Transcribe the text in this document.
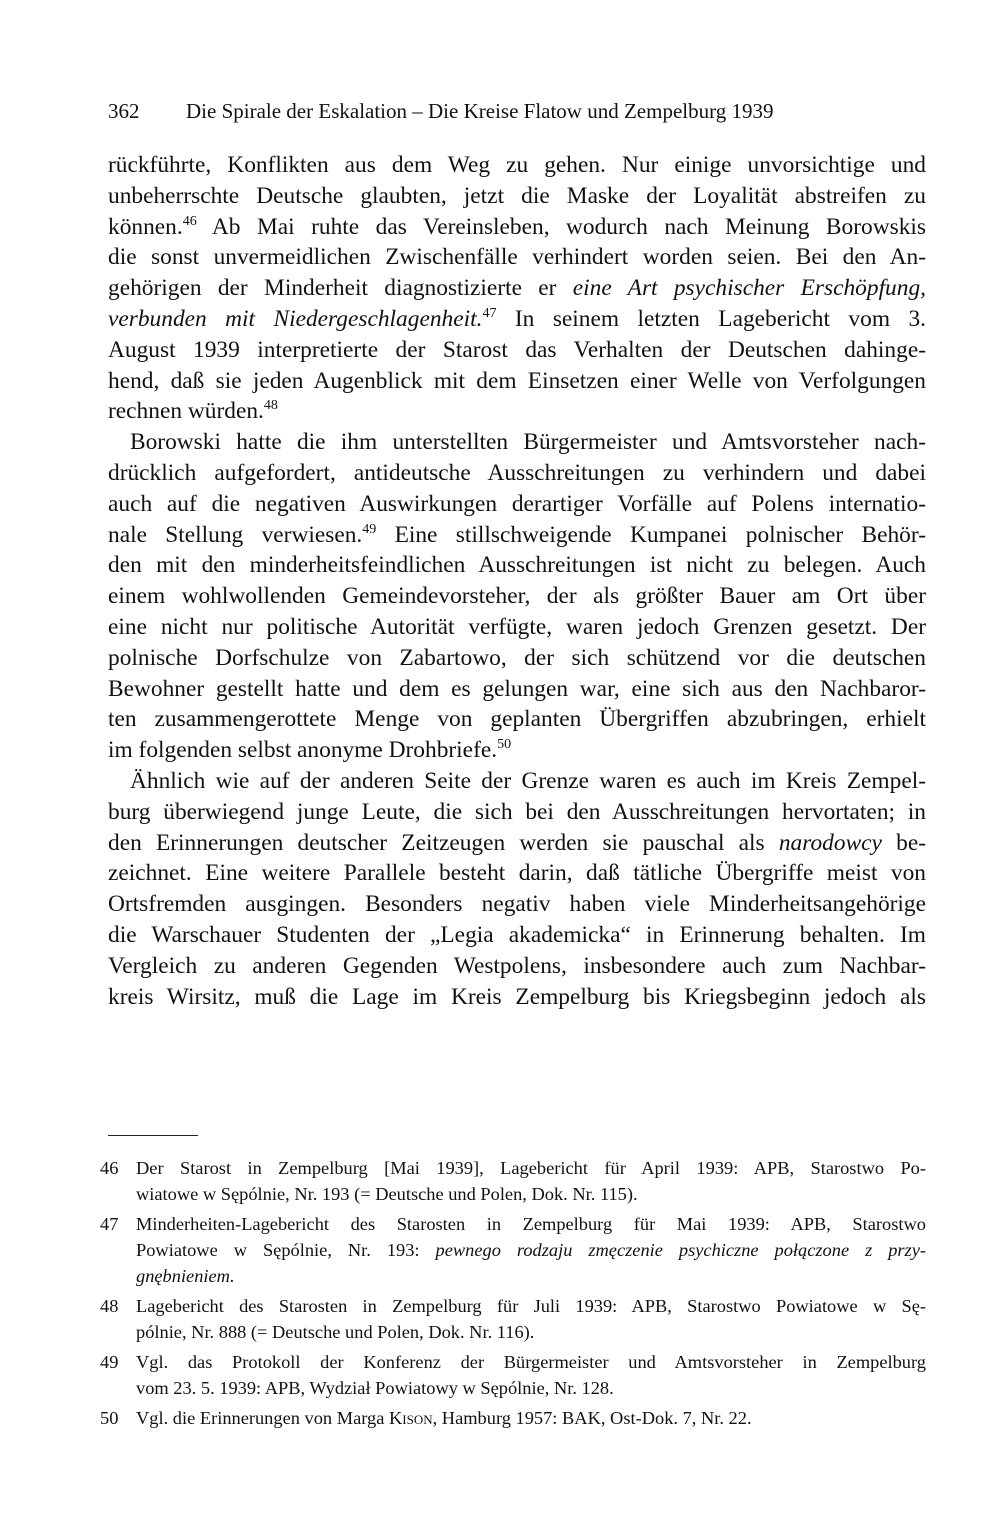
362 Die Spirale der Eskalation – Die Kreise Flatow und Zempelburg 1939
rückführte, Konflikten aus dem Weg zu gehen. Nur einige unvorsichtige und
unbeherrschte Deutsche glaubten, jetzt die Maske der Loyalität abstreifen zu
können.$^{46}$ Ab Mai ruhte das Vereinsleben, wodurch nach Meinung Borowskis
die sonst unvermeidlichen Zwischenfälle verhindert worden seien. Bei den An-
gehörigen der Minderheit diagnostizierte er eine Art psychischer Erschöpfung,
verbunden mit Niedergeschlagenheit.$^{47}$ In seinem letzten Lagebericht vom 3.
August 1939 interpretierte der Starost das Verhalten der Deutschen dahinge-
hend, daß sie jeden Augenblick mit dem Einsetzen einer Welle von Verfolgungen
rechnen würden.$^{48}$
Borowski hatte die ihm unterstellten Bürgermeister und Amtsvorsteher nach-
drücklich aufgefordert, antideutsche Ausschreitungen zu verhindern und dabei
auch auf die negativen Auswirkungen derartiger Vorfälle auf Polens internatio-
nale Stellung verwiesen.$^{49}$ Eine stillschweigende Kumpanei polnischer Behör-
den mit den minderheitsfeindlichen Ausschreitungen ist nicht zu belegen. Auch
einem wohlwollenden Gemeindevorsteher, der als größter Bauer am Ort über
eine nicht nur politische Autorität verfügte, waren jedoch Grenzen gesetzt. Der
polnische Dorfschulze von Zabartowo, der sich schützend vor die deutschen
Bewohner gestellt hatte und dem es gelungen war, eine sich aus den Nachbaror-
ten zusammengerottete Menge von geplanten Übergriffen abzubringen, erhielt
im folgenden selbst anonyme Drohbriefe.$^{50}$
Ähnlich wie auf der anderen Seite der Grenze waren es auch im Kreis Zempel-
burg überwiegend junge Leute, die sich bei den Ausschreitungen hervortaten; in
den Erinnerungen deutscher Zeitzeugen werden sie pauschal als narodowcy be-
zeichnet. Eine weitere Parallele besteht darin, daß tätliche Übergriffe meist von
Ortsfremden ausgingen. Besonders negativ haben viele Minderheitsangehörige
die Warschauer Studenten der „Legia akademicka“ in Erinnerung behalten. Im
Vergleich zu anderen Gegenden Westpolens, insbesondere auch zum Nachbar-
kreis Wirsitz, muß die Lage im Kreis Zempelburg bis Kriegsbeginn jedoch als
46 Der Starost in Zempelburg [Mai 1939], Lagebericht für April 1939: APB, Starostwo Po-
wiatowe w Sępólnie, Nr. 193 (= Deutsche und Polen, Dok. Nr. 115).
47 Minderheiten-Lagebericht des Starosten in Zempelburg für Mai 1939: APB, Starostwo
Powiatowe w Sępólnie, Nr. 193: pewnego rodzaju zmęczenie psychiczne połączone z przy-
gnębnieniem.
48 Lagebericht des Starosten in Zempelburg für Juli 1939: APB, Starostwo Powiatowe w Sę-
pólnie, Nr. 888 (= Deutsche und Polen, Dok. Nr. 116).
49 Vgl. das Protokoll der Konferenz der Bürgermeister und Amtsvorsteher in Zempelburg
vom 23. 5. 1939: APB, Wydział Powiatowy w Sępólnie, Nr. 128.
50 Vgl. die Erinnerungen von Marga Kison, Hamburg 1957: BAK, Ost-Dok. 7, Nr. 22.
